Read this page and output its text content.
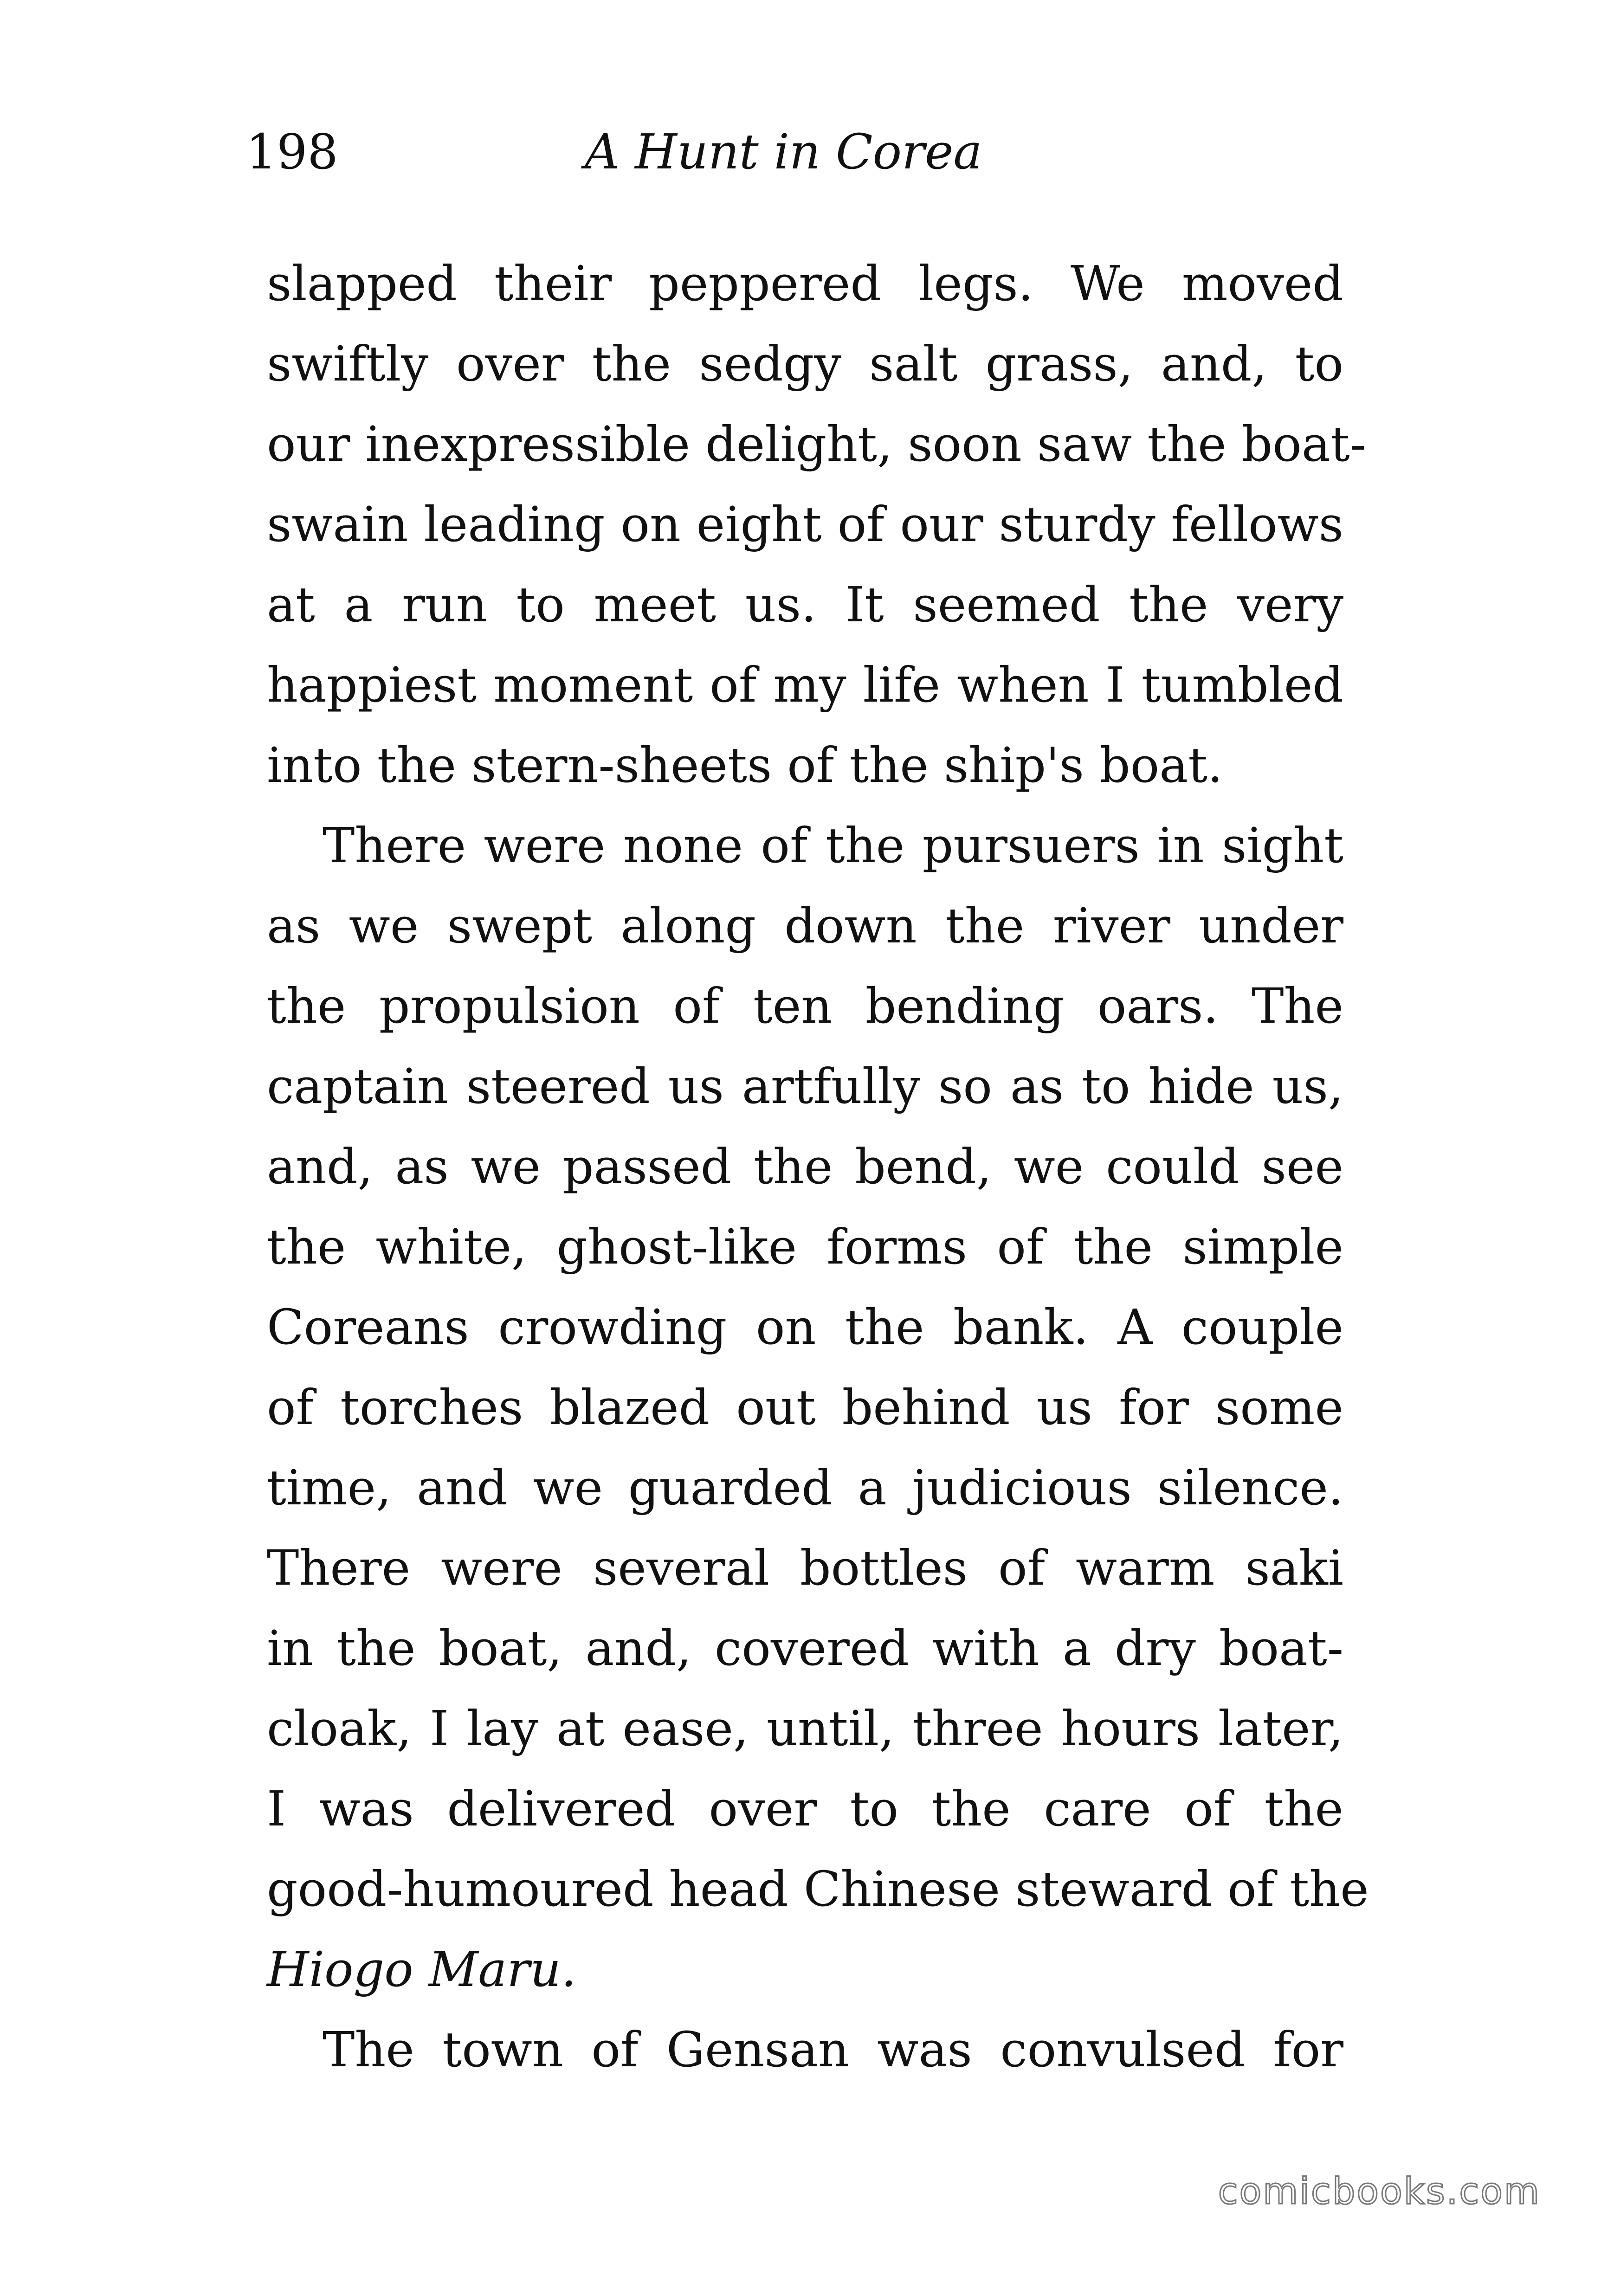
198	A Hunt in Corea
slapped their peppered legs. We moved
swiftly over the sedgy salt grass, and, to
our inexpressible delight, soon saw the boat-
swain leading on eight of our sturdy fellows
at a run to meet us. It seemed the very
happiest moment of my life when I tumbled
into the stern-sheets of the ship's boat.
There were none of the pursuers in sight
as we swept along down the river under
the propulsion of ten bending oars. The
captain steered us artfully so as to hide us,
and, as we passed the bend, we could see
the white, ghost-like forms of the simple
Coreans crowding on the bank. A couple
of torches blazed out behind us for some
time, and we guarded a judicious silence.
There were several bottles of warm saki
in the boat, and, covered with a dry boat-
cloak, I lay at ease, until, three hours later,
I was delivered over to the care of the
good-humoured head Chinese steward of the
Hiogo Maru.
The town of Gensan was convulsed for
comicbooks.com
